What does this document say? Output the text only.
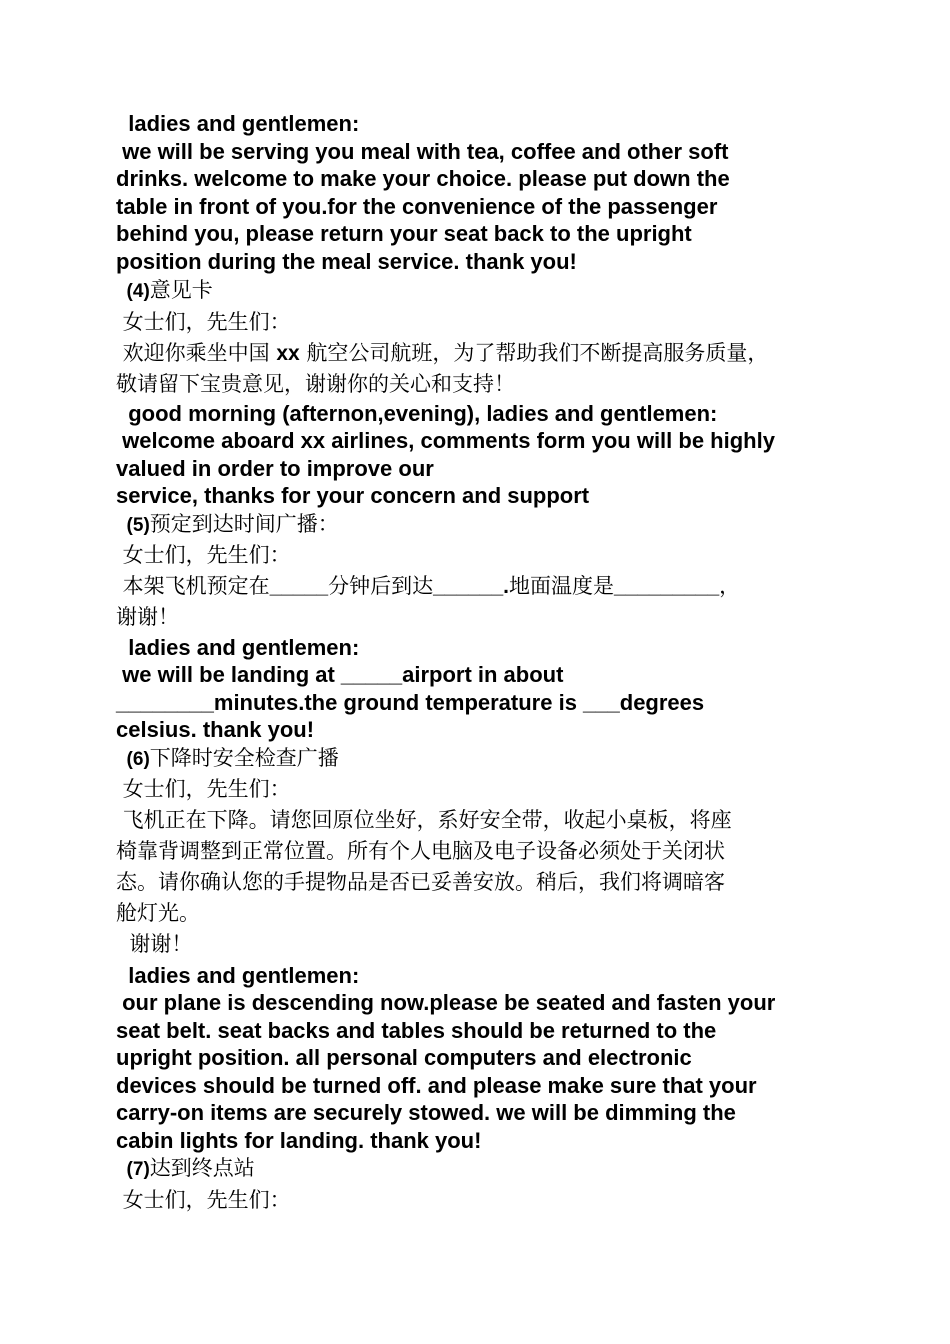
ladies and gentlemen:
we will be serving you meal with tea, coffee and other soft
drinks. welcome to make your choice. please put down the
table in front of you.for the convenience of the passenger
behind you, please return your seat back to the upright
position during the meal service. thank you!
(4)意见卡
女士们，先生们：
欢迎你乘坐中国 xx 航空公司航班，为了帮助我们不断提高服务质量，
敬请留下宝贵意见，谢谢你的关心和支持！
good morning (afternon,evening), ladies and gentlemen:
welcome aboard xx airlines, comments form you will be highly
valued in order to improve our
service, thanks for your concern and support
(5)预定到达时间广播：
女士们，先生们：
本架飞机预定在_____分钟后到达______.地面温度是_________，
谢谢！
ladies and gentlemen:
we will be landing at _____airport in about
________minutes.the ground temperature is ___degrees
celsius. thank you!
(6)下降时安全检查广播
女士们，先生们：
飞机正在下降。请您回原位坐好，系好安全带，收起小桌板，将座
椅靠背调整到正常位置。所有个人电脑及电子设备必须处于关闭状
态。请你确认您的手提物品是否已妥善安放。稍后，我们将调暗客
舱灯光。
谢谢！
ladies and gentlemen:
our plane is descending now.please be seated and fasten your
seat belt. seat backs and tables should be returned to the
upright position. all personal computers and electronic
devices should be turned off. and please make sure that your
carry-on items are securely stowed. we will be dimming the
cabin lights for landing. thank you!
(7)达到终点站
女士们，先生们：
